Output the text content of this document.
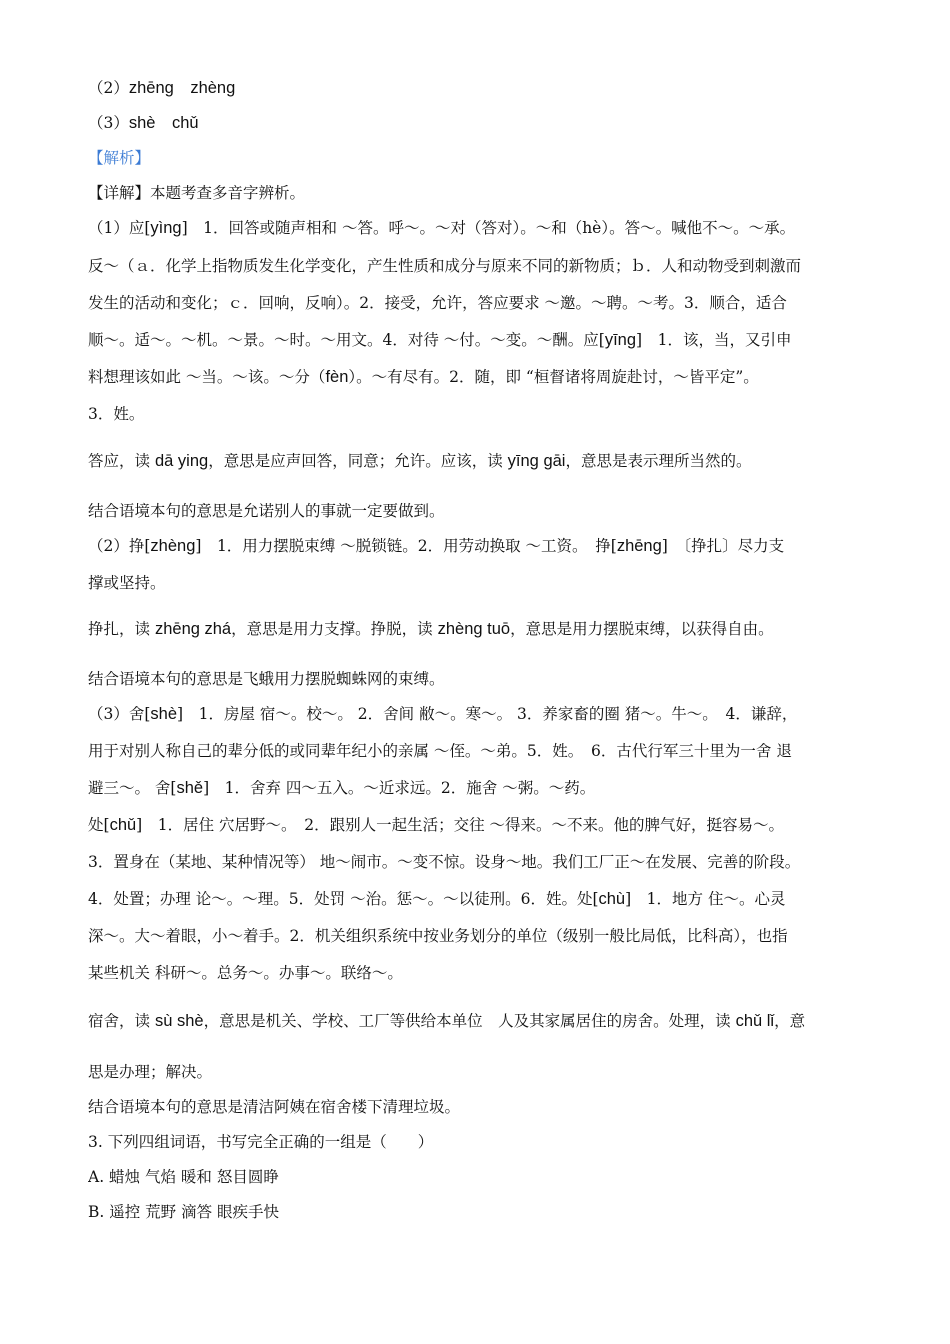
（2）zhēng　zhèng
（3）shè　chǔ
【解析】
【详解】本题考查多音字辨析。
（1）应[yìng]　1．回答或随声相和 ～答。呼～。～对（答对）。～和（hè）。答～。喊他不～。～承。
反～（ａ．化学上指物质发生化学变化，产生性质和成分与原来不同的新物质；ｂ．人和动物受到刺激而
发生的活动和变化；ｃ．回响，反响）。2．接受，允许，答应要求 ～邀。～聘。～考。3．顺合，适合
顺～。适～。～机。～景。～时。～用文。4．对待 ～付。～变。～酬。应[yīng]　1．该，当，又引申
料想理该如此 ～当。～该。～分（fèn）。～有尽有。2．随，即 “桓督诸将周旋赴讨，～皆平定”。
3．姓。
答应，读 dā ying，意思是应声回答，同意；允许。应该，读 yīng gāi，意思是表示理所当然的。
结合语境本句的意思是允诺别人的事就一定要做到。
（2）挣[zhèng]　1．用力摆脱束缚 ～脱锁链。2．用劳动换取 ～工资。　挣[zhēng]　〔挣扎〕尽力支
撑或坚持。
挣扎，读 zhēng zhá，意思是用力支撑。挣脱，读 zhèng tuō，意思是用力摆脱束缚，以获得自由。
结合语境本句的意思是飞蛾用力摆脱蜘蛛网的束缚。
（3）舍[shè]　1．房屋 宿～。校～。 2．舍间 敝～。寒～。 3．养家畜的圈 猪～。牛～。　4．谦辞，
用于对别人称自己的辈分低的或同辈年纪小的亲属 ～侄。～弟。5．姓。　6．古代行军三十里为一舍 退
避三～。 舍[shě]　1．舍弃 四～五入。～近求远。2．施舍 ～粥。～药。
处[chǔ]　1．居住 穴居野～。　2．跟别人一起生活；交往 ～得来。～不来。他的脾气好，挺容易～。
3．置身在（某地、某种情况等） 地～闹市。～变不惊。设身～地。我们工厂正～在发展、完善的阶段。
4．处置；办理 论～。～理。5．处罚 ～治。惩～。～以徒刑。6．姓。处[chù]　1．地方 住～。心灵
深～。大～着眼，小～着手。2．机关组织系统中按业务划分的单位（级别一般比局低，比科高），也指
某些机关 科研～。总务～。办事～。联络～。
宿舍，读 sù shè，意思是机关、学校、工厂等供给本单位　人及其家属居住的房舍。处理，读 chǔ lǐ，意
思是办理；解决。
结合语境本句的意思是清洁阿姨在宿舍楼下清理垃圾。
3. 下列四组词语，书写完全正确的一组是（　　）
A. 蜡烛 气焰 暖和 怒目圆睁
B. 遥控 荒野 滴答 眼疾手快
